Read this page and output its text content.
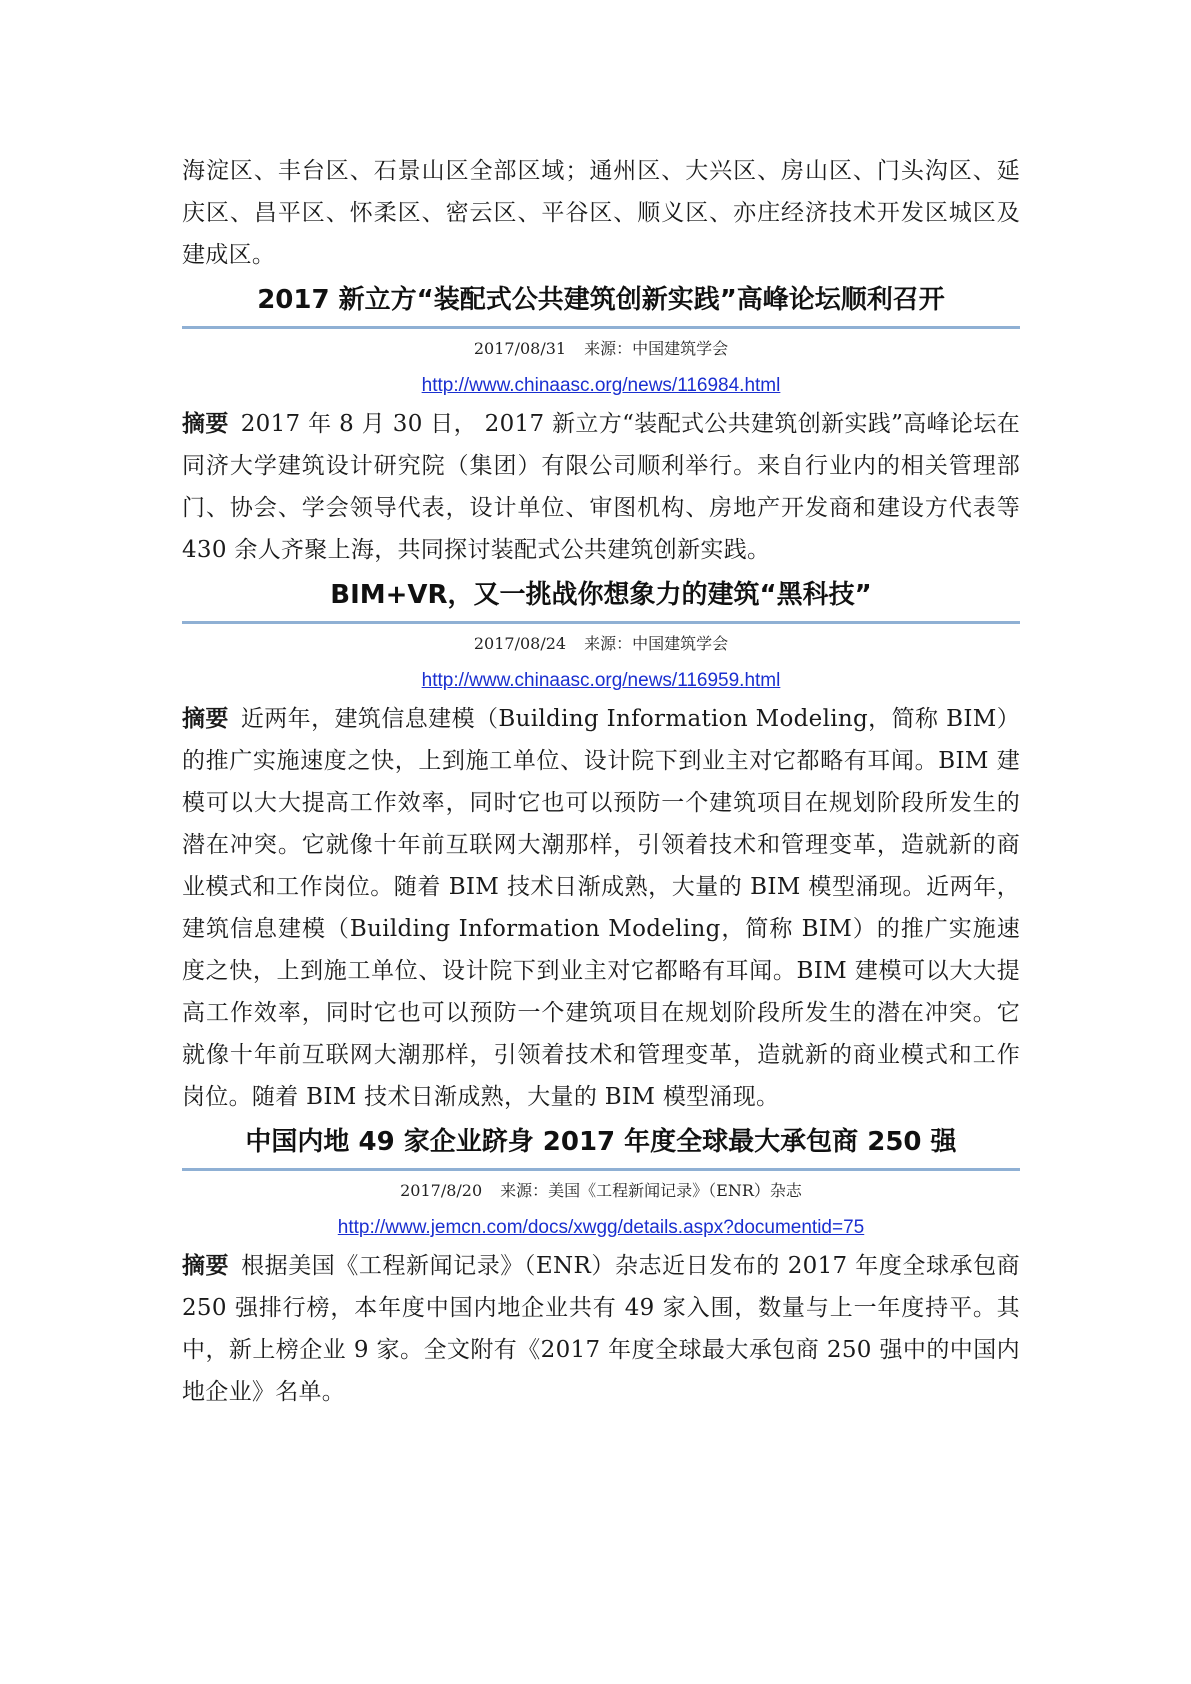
海淀区、丰台区、石景山区全部区域；通州区、大兴区、房山区、门头沟区、延庆区、昌平区、怀柔区、密云区、平谷区、顺义区、亦庄经济技术开发区城区及建成区。

2017 新立方“装配式公共建筑创新实践”高峰论坛顺利召开
2017/08/31 来源：中国建筑学会
http://www.chinaasc.org/news/116984.html

摘要 2017 年 8 月 30 日， 2017 新立方“装配式公共建筑创新实践”高峰论坛在同济大学建筑设计研究院（集团）有限公司顺利举行。来自行业内的相关管理部门、协会、学会领导代表，设计单位、审图机构、房地产开发商和建设方代表等 430 余人齐聚上海，共同探讨装配式公共建筑创新实践。

BIM+VR，又一挑战你想象力的建筑“黑科技”
2017/08/24 来源：中国建筑学会
http://www.chinaasc.org/news/116959.html

摘要 近两年，建筑信息建模（Building Information Modeling，简称 BIM）的推广实施速度之快，上到施工单位、设计院下到业主对它都略有耳闻。BIM 建模可以大大提高工作效率，同时它也可以预防一个建筑项目在规划阶段所发生的潜在冲突。它就像十年前互联网大潮那样，引领着技术和管理变革，造就新的商业模式和工作岗位。随着 BIM 技术日渐成熟，大量的 BIM 模型涌现。近两年，建筑信息建模（Building Information Modeling，简称 BIM）的推广实施速度之快，上到施工单位、设计院下到业主对它都略有耳闻。BIM 建模可以大大提高工作效率，同时它也可以预防一个建筑项目在规划阶段所发生的潜在冲突。它就像十年前互联网大潮那样，引领着技术和管理变革，造就新的商业模式和工作岗位。随着 BIM 技术日渐成熟，大量的 BIM 模型涌现。

中国内地 49 家企业跻身 2017 年度全球最大承包商 250 强
2017/8/20 来源：美国《工程新闻记录》（ENR）杂志
http://www.jemcn.com/docs/xwgg/details.aspx?documentid=75

摘要 根据美国《工程新闻记录》（ENR）杂志近日发布的 2017 年度全球承包商 250 强排行榜，本年度中国内地企业共有 49 家入围，数量与上一年度持平。其中，新上榜企业 9 家。全文附有《2017 年度全球最大承包商 250 强中的中国内地企业》名单。
